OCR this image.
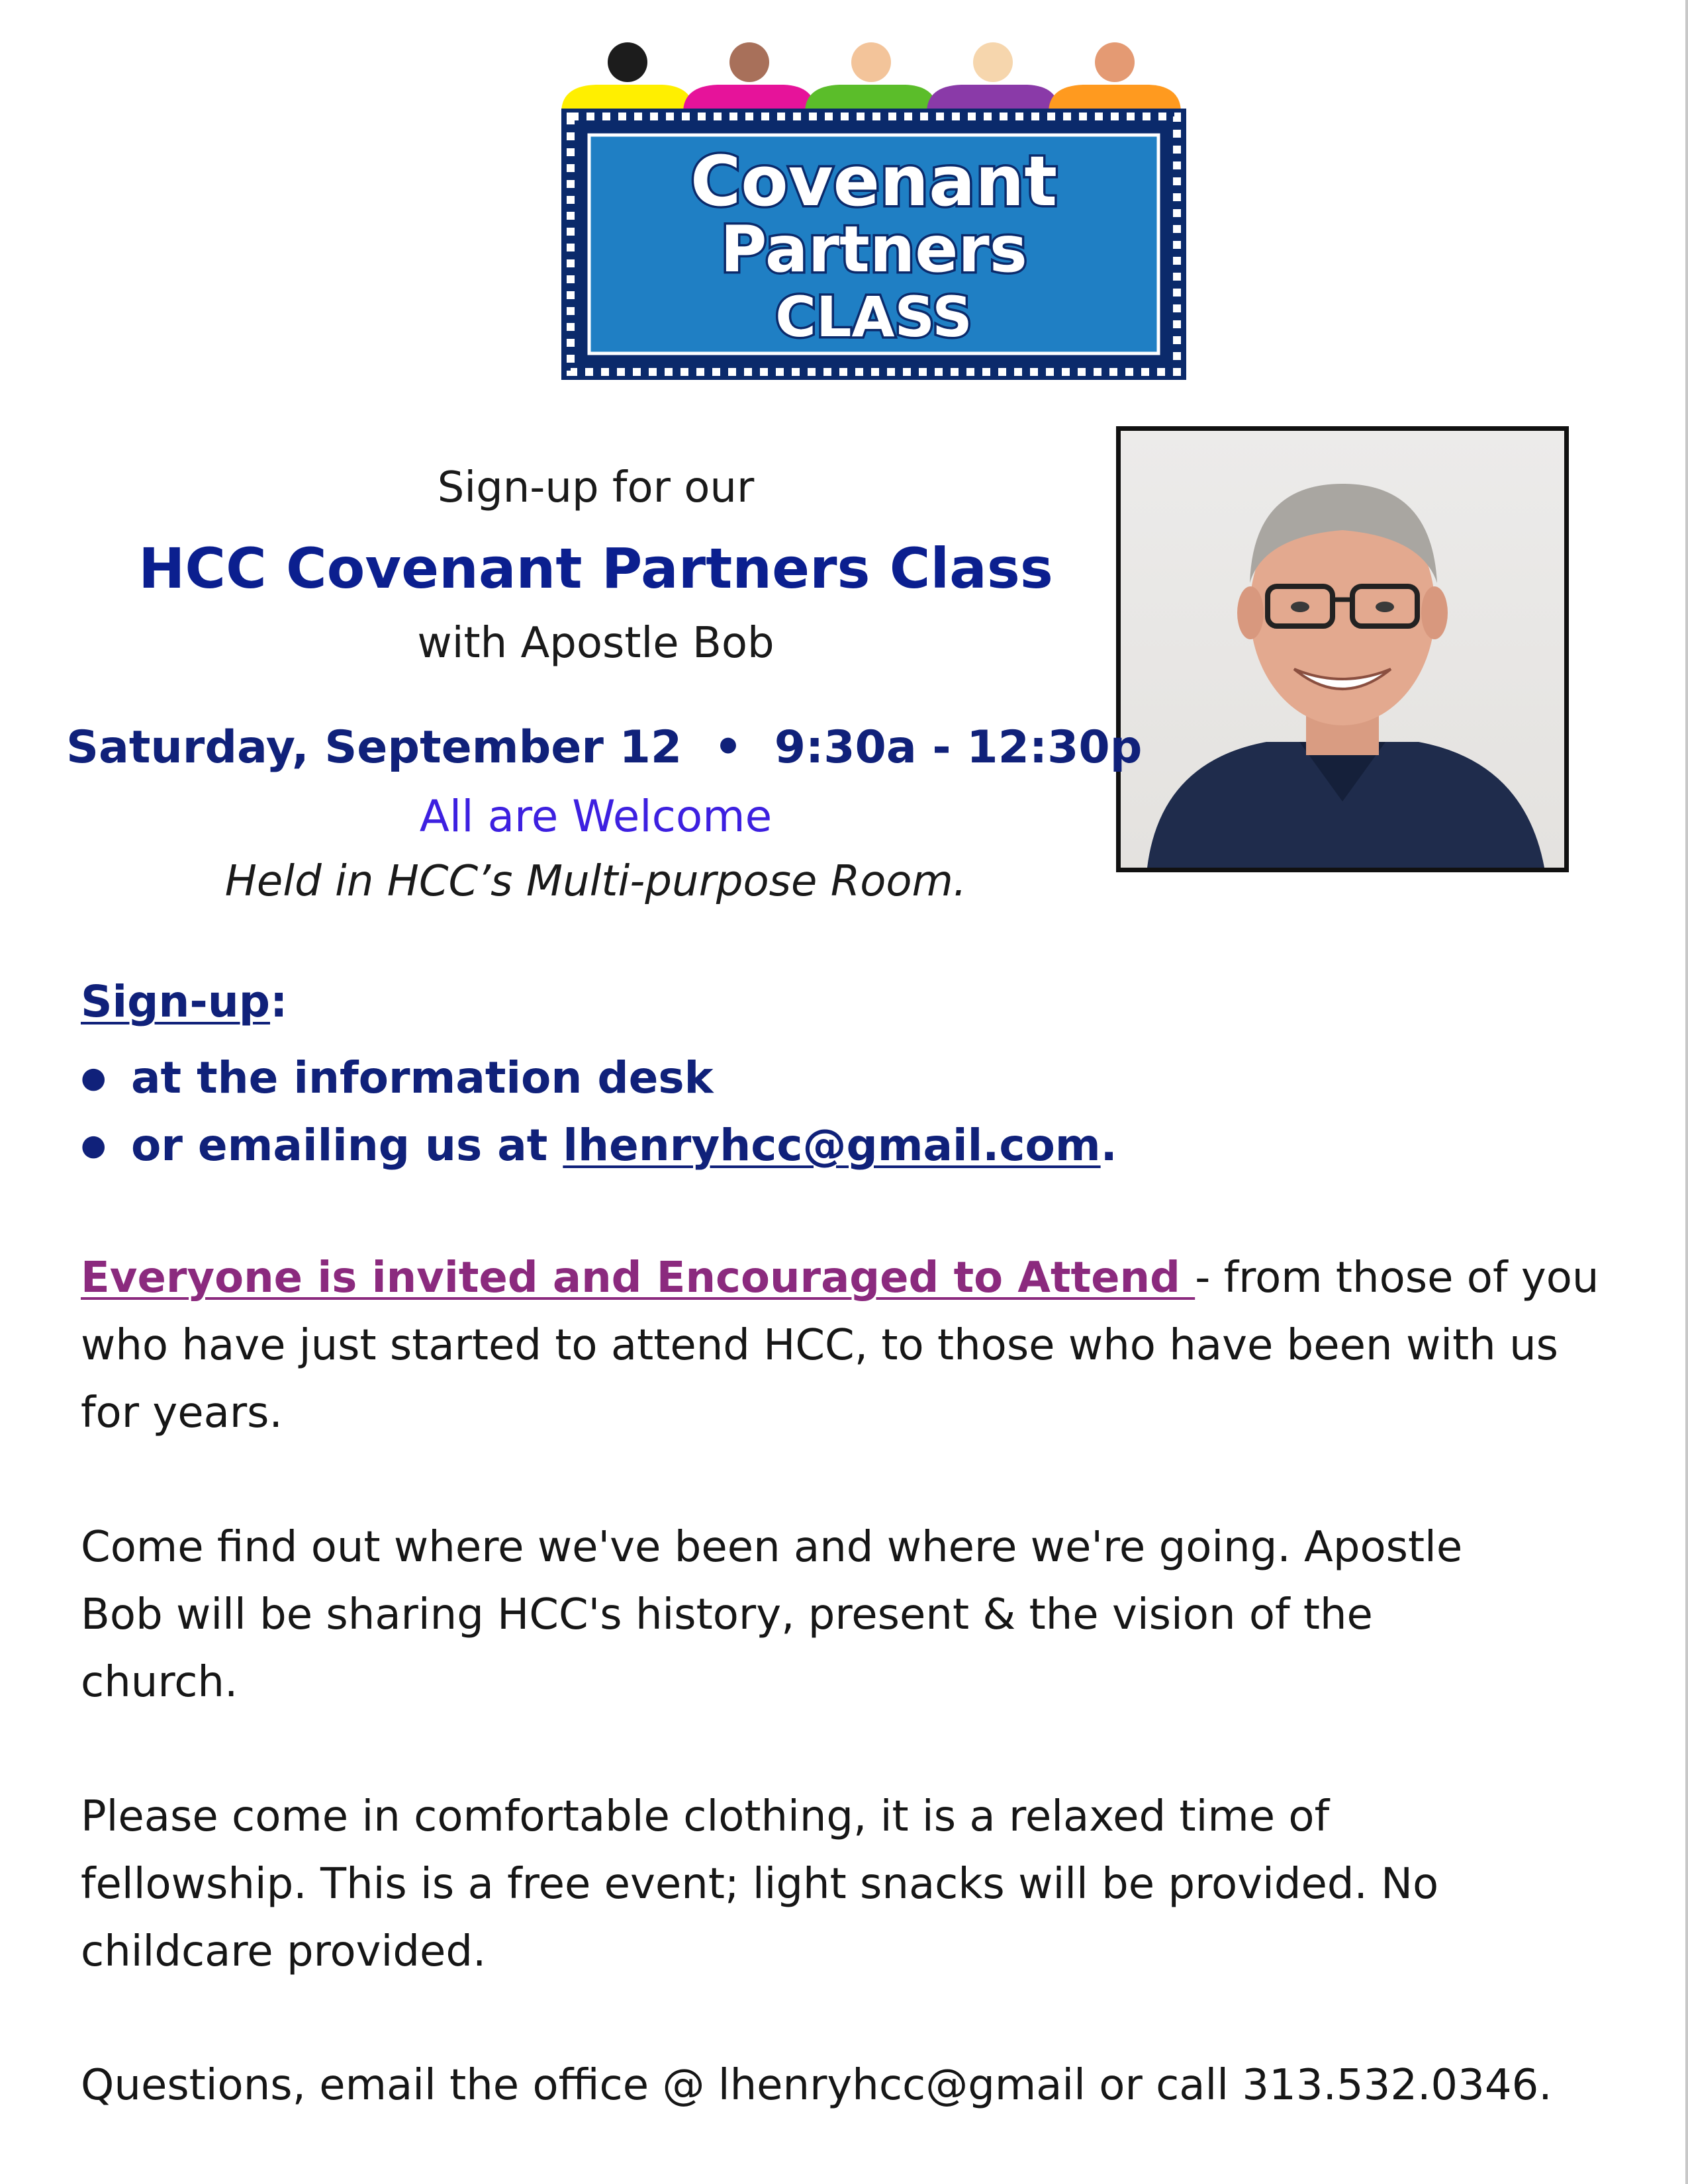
Covenant
Partners
CLASS
Sign-up for our
HCC Covenant Partners Class
with Apostle Bob
Saturday, September 12 • 9:30a - 12:30p
All are Welcome
Held in HCC’s Multi-purpose Room.
Sign-up:
● at the information desk
● or emailing us at lhenryhcc@gmail.com.
Everyone is invited and Encouraged to Attend - from those of you who have just started to attend HCC, to those who have been with us for years.
Come find out where we've been and where we're going. Apostle Bob will be sharing HCC's history, present & the vision of the church.
Please come in comfortable clothing, it is a relaxed time of fellowship. This is a free event; light snacks will be provided. No childcare provided.
Questions, email the office @ lhenryhcc@gmail or call 313.532.0346.
